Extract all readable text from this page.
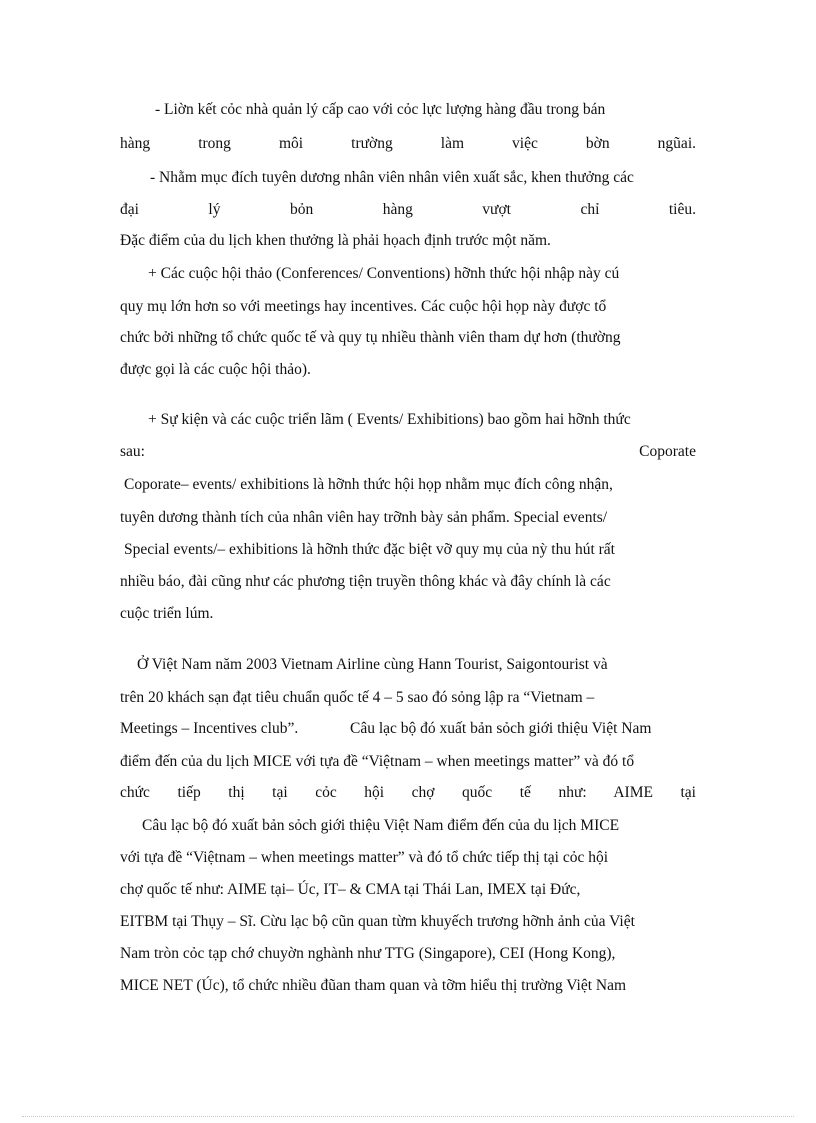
- Liờn kết cỏc nhà quản lý cấp cao với cỏc lực lượng hàng đầu trong bán
hàng trong môi trường làm việc bờn ngũai.
- Nhằm mục đích tuyên dương nhân viên nhân viên xuất sắc, khen thưởng các
đại lý bỏn hàng vượt chỉ tiêu.
Đặc điểm của du lịch khen thưởng là phải họach định trước một năm.
+ Các cuộc hội thảo (Conferences/ Conventions) hỡnh thức hội nhập này cú
quy mụ lớn hơn so với meetings hay incentives. Các cuộc hội họp này được tổ
chức bởi những tổ chức quốc tế và quy tụ nhiều thành viên tham dự hơn (thường
được gọi là các cuộc hội thảo).
+ Sự kiện và các cuộc triển lãm ( Events/ Exhibitions) bao gồm hai hỡnh thức
sau:	Coporate
Coporate– events/ exhibitions là hỡnh thức hội họp nhằm mục đích công nhận,
tuyên dương thành tích của nhân viên hay trỡnh bày sản phẩm. Special events/
Special events/– exhibitions là hỡnh thức đặc biệt vỡ quy mụ của nỳ thu hút rất
nhiều báo, đài cũng như các phương tiện truyền thông khác và đây chính là các
cuộc triển lúm.
Ở Việt Nam năm 2003 Vietnam Airline cùng Hann Tourist, Saigontourist và
trên 20 khách sạn đạt tiêu chuẩn quốc tế 4 – 5 sao đó sỏng lập ra “Vietnam –
Meetings – Incentives club”.	Câu lạc bộ đó xuất bản sỏch giới thiệu Việt Nam
điểm đến của du lịch MICE với tựa đề “Việtnam – when meetings matter” và đó tổ
chức tiếp thị tại cỏc hội chợ quốc tế như: AIME tại
Câu lạc bộ đó xuất bản sỏch giới thiệu Việt Nam điểm đến của du lịch MICE
với tựa đề “Việtnam – when meetings matter” và đó tổ chức tiếp thị tại cỏc hội
chợ quốc tế như: AIME tại– Úc, IT– & CMA tại Thái Lan, IMEX tại Đức,
EITBM tại Thụy – Sĩ. Cừu lạc bộ cũn quan từm khuyếch trương hỡnh ảnh của Việt
Nam tròn cỏc tạp chớ chuyờn nghành như TTG (Singapore), CEI (Hong Kong),
MICE NET (Úc), tổ chức nhiều đũan tham quan và tỡm hiểu thị trường Việt Nam
